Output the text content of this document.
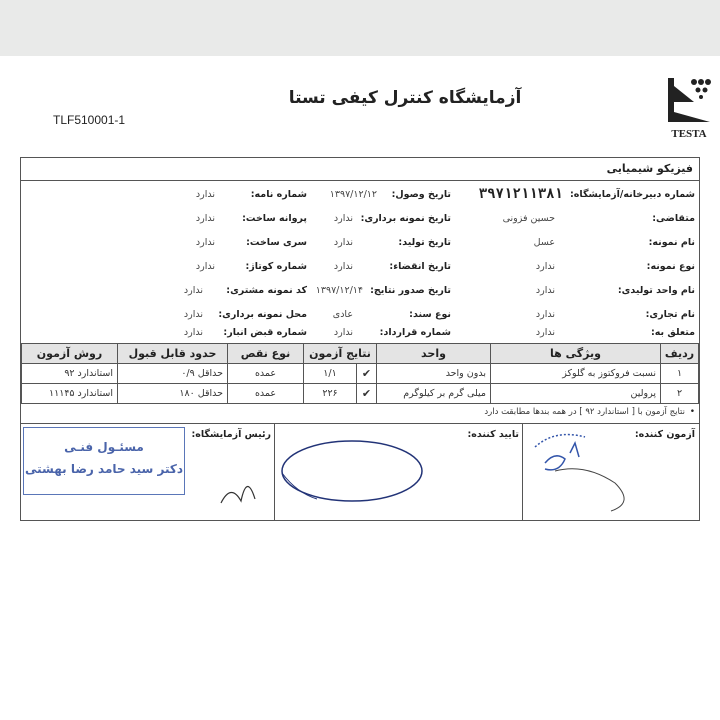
آزمایشگاه کنترل کیفی تستا
TLF510001-1
TESTA
فیزیکو شیمیایی
شماره دبیرخانه/آزمایشگاه:
۳۹۷۱۲۱۱۳۸۱
متقاضی:
حسین فزونی
نام نمونه:
عسل
نوع نمونه:
ندارد
نام واحد تولیدی:
ندارد
نام تجاری:
ندارد
متعلق به:
ندارد
تاریخ وصول:
۱۳۹۷/۱۲/۱۲
تاریخ نمونه برداری:
ندارد
تاریخ تولید:
ندارد
تاریخ انقضاء:
ندارد
تاریخ صدور نتایج:
۱۳۹۷/۱۲/۱۴
نوع سند:
عادی
شماره قرارداد:
ندارد
شماره نامه:
ندارد
پروانه ساخت:
ندارد
سری ساخت:
ندارد
شماره کوتاژ:
ندارد
کد نمونه مشتری:
ندارد
محل نمونه برداری:
ندارد
شماره قبض انبار:
ندارد
ردیف	ویژگی ها	واحد	نتایج آزمون		نوع نقص	حدود قابل قبول	روش آزمون
۱	نسبت فروکتوز به گلوکز	بدون واحد	✔	۱/۱	عمده	حداقل ۰/۹	استاندارد ۹۲
۲	پرولین	میلی گرم بر کیلوگرم	✔	۲۲۶	عمده	حداقل ۱۸۰	استاندارد ۱۱۱۴۵
•
نتایج آزمون با [ استاندارد ۹۲ ] در همه بندها مطابقت دارد
آزمون کننده:
تایید کننده:
رئیس آزمایشگاه:
مسئـول فنـی
دکتر سید حامد رضا بهشتی
